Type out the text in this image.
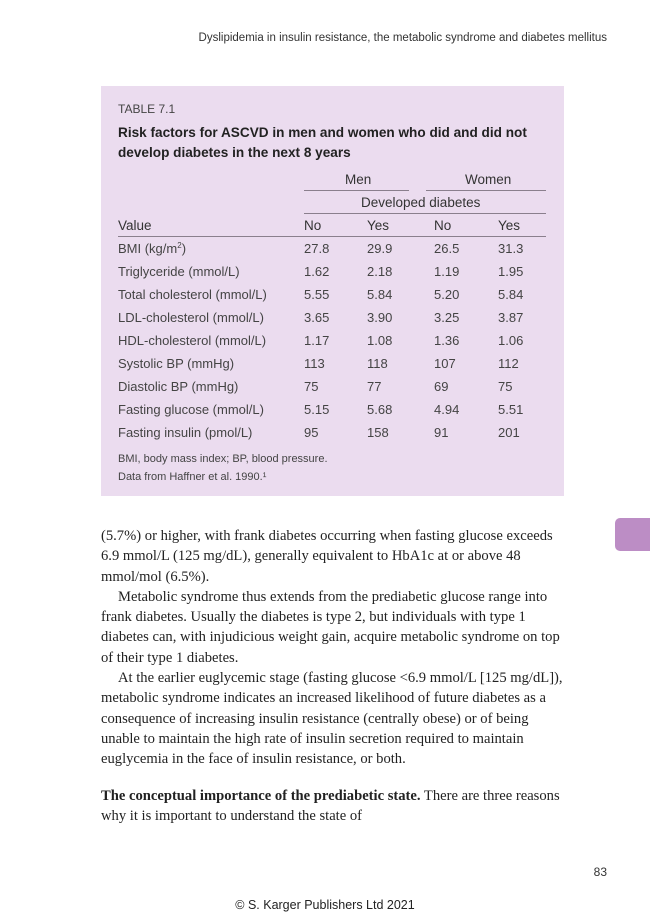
Dyslipidemia in insulin resistance, the metabolic syndrome and diabetes mellitus
TABLE 7.1
Risk factors for ASCVD in men and women who did and did not develop diabetes in the next 8 years
Men	Women
Developed diabetes
Value	No	Yes	No	Yes
BMI $(kg/m^2)$	27.8	29.9	26.5	31.3
Triglyceride (mmol/L)	1.62	2.18	1.19	1.95
Total cholesterol (mmol/L)	5.55	5.84	5.20	5.84
LDL-cholesterol (mmol/L)	3.65	3.90	3.25	3.87
HDL-cholesterol (mmol/L)	1.17	1.08	1.36	1.06
Systolic BP (mmHg)	113	118	107	112
Diastolic BP (mmHg)	75	77	69	75
Fasting glucose (mmol/L)	5.15	5.68	4.94	5.51
Fasting insulin (pmol/L)	95	158	91	201
BMI, body mass index; BP, blood pressure.
Data from Haffner et al. 1990.¹

(5.7%) or higher, with frank diabetes occurring when fasting glucose exceeds 6.9 mmol/L (125 mg/dL), generally equivalent to HbA1c at or above 48 mmol/mol (6.5%).

Metabolic syndrome thus extends from the prediabetic glucose range into frank diabetes. Usually the diabetes is type 2, but individuals with type 1 diabetes can, with injudicious weight gain, acquire metabolic syndrome on top of their type 1 diabetes.

At the earlier euglycemic stage (fasting glucose <6.9 mmol/L [125 mg/dL]), metabolic syndrome indicates an increased likelihood of future diabetes as a consequence of increasing insulin resistance (centrally obese) or of being unable to maintain the high rate of insulin secretion required to maintain euglycemia in the face of insulin resistance, or both.

The conceptual importance of the prediabetic state. There are three reasons why it is important to understand the state of

83
© S. Karger Publishers Ltd 2021
